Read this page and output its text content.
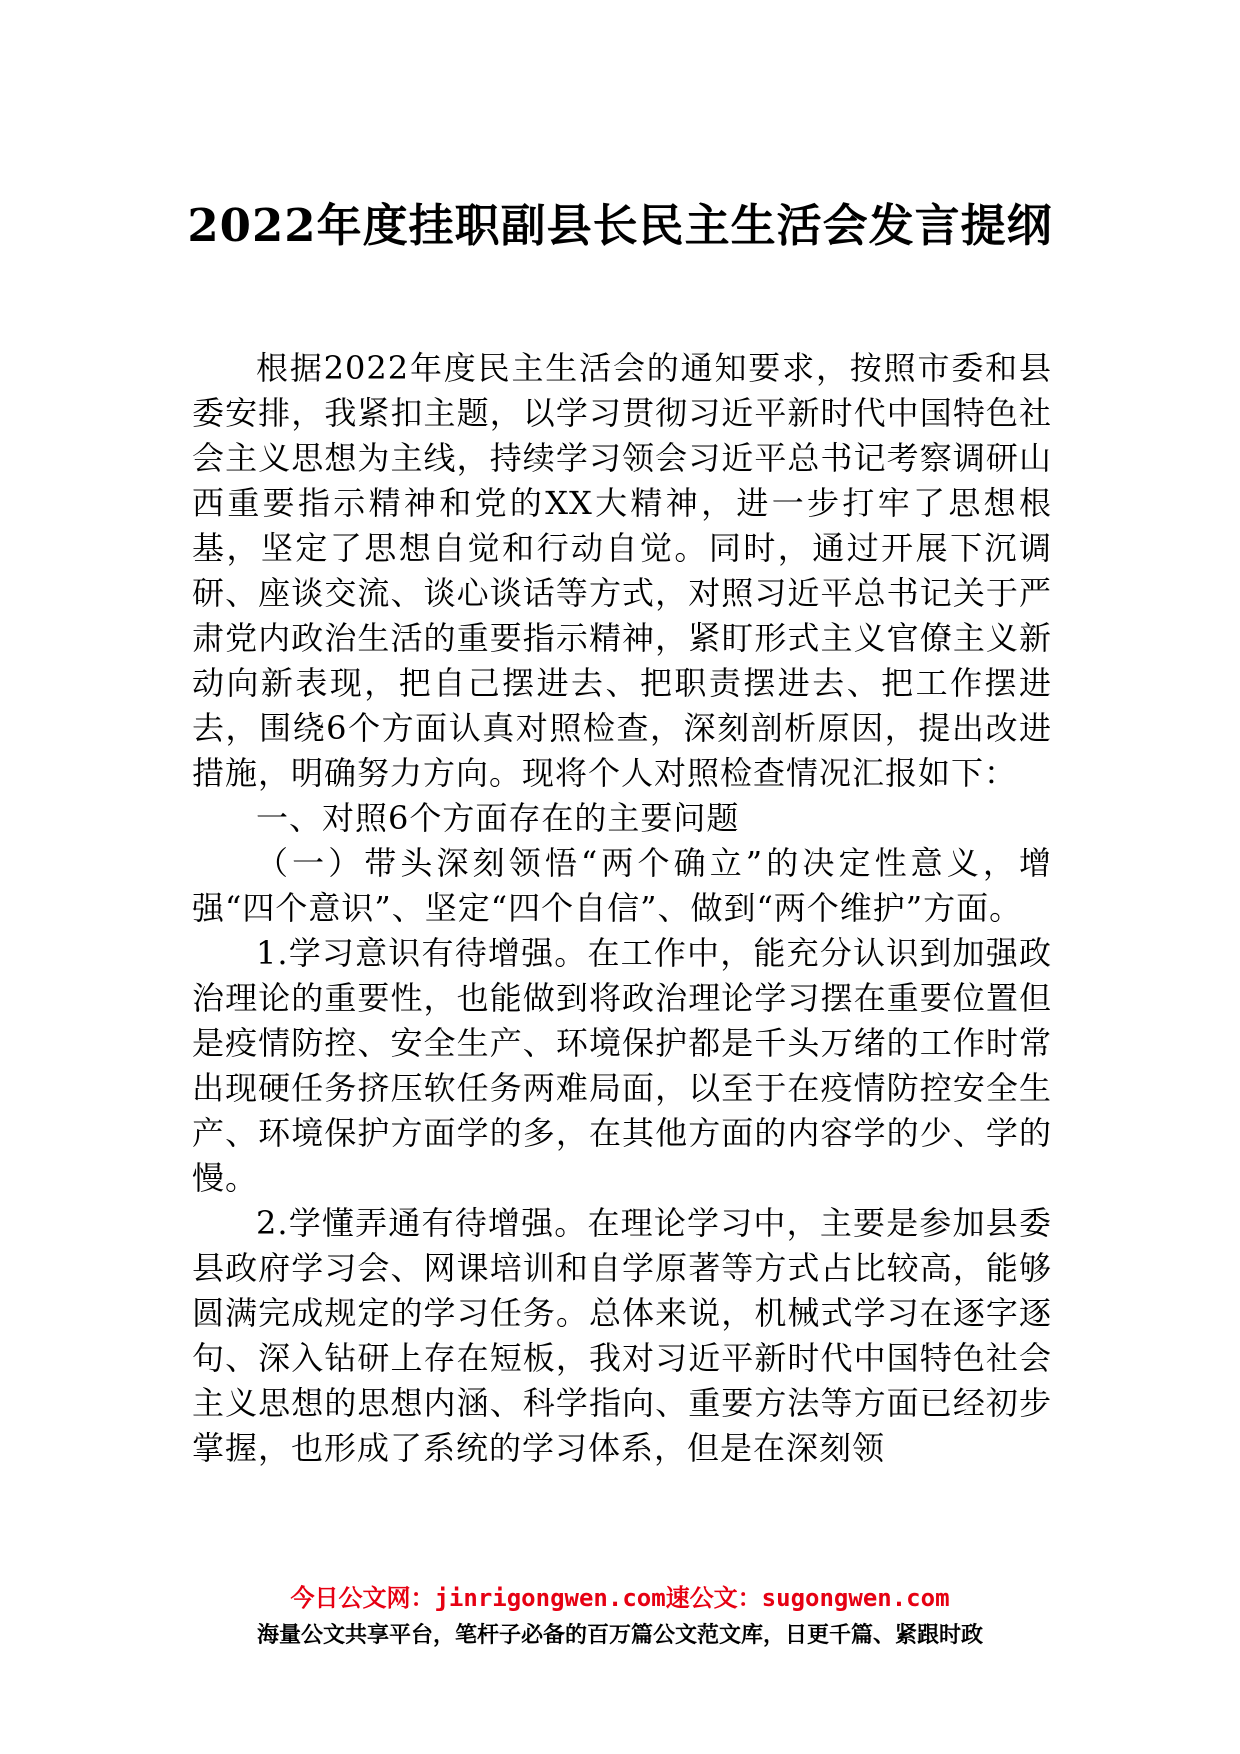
2022年度挂职副县长民主生活会发言提纲

根据2022年度民主生活会的通知要求，按照市委和县委安排，我紧扣主题，以学习贯彻习近平新时代中国特色社会主义思想为主线，持续学习领会习近平总书记考察调研山西重要指示精神和党的XX大精神，进一步打牢了思想根基，坚定了思想自觉和行动自觉。同时，通过开展下沉调研、座谈交流、谈心谈话等方式，对照习近平总书记关于严肃党内政治生活的重要指示精神，紧盯形式主义官僚主义新动向新表现，把自己摆进去、把职责摆进去、把工作摆进去，围绕6个方面认真对照检查，深刻剖析原因，提出改进措施，明确努力方向。现将个人对照检查情况汇报如下：

一、对照6个方面存在的主要问题

（一）带头深刻领悟“两个确立”的决定性意义，增强“四个意识”、坚定“四个自信”、做到“两个维护”方面。

1.学习意识有待增强。在工作中，能充分认识到加强政治理论的重要性，也能做到将政治理论学习摆在重要位置但是疫情防控、安全生产、环境保护都是千头万绪的工作时常出现硬任务挤压软任务两难局面，以至于在疫情防控安全生产、环境保护方面学的多，在其他方面的内容学的少、学的慢。

2.学懂弄通有待增强。在理论学习中，主要是参加县委县政府学习会、网课培训和自学原著等方式占比较高，能够圆满完成规定的学习任务。总体来说，机械式学习在逐字逐句、深入钻研上存在短板，我对习近平新时代中国特色社会主义思想的思想内涵、科学指向、重要方法等方面已经初步掌握，也形成了系统的学习体系，但是在深刻领

今日公文网：jinrigongwen.com速公文：sugongwen.com
海量公文共享平台，笔杆子必备的百万篇公文范文库，日更千篇、紧跟时政
